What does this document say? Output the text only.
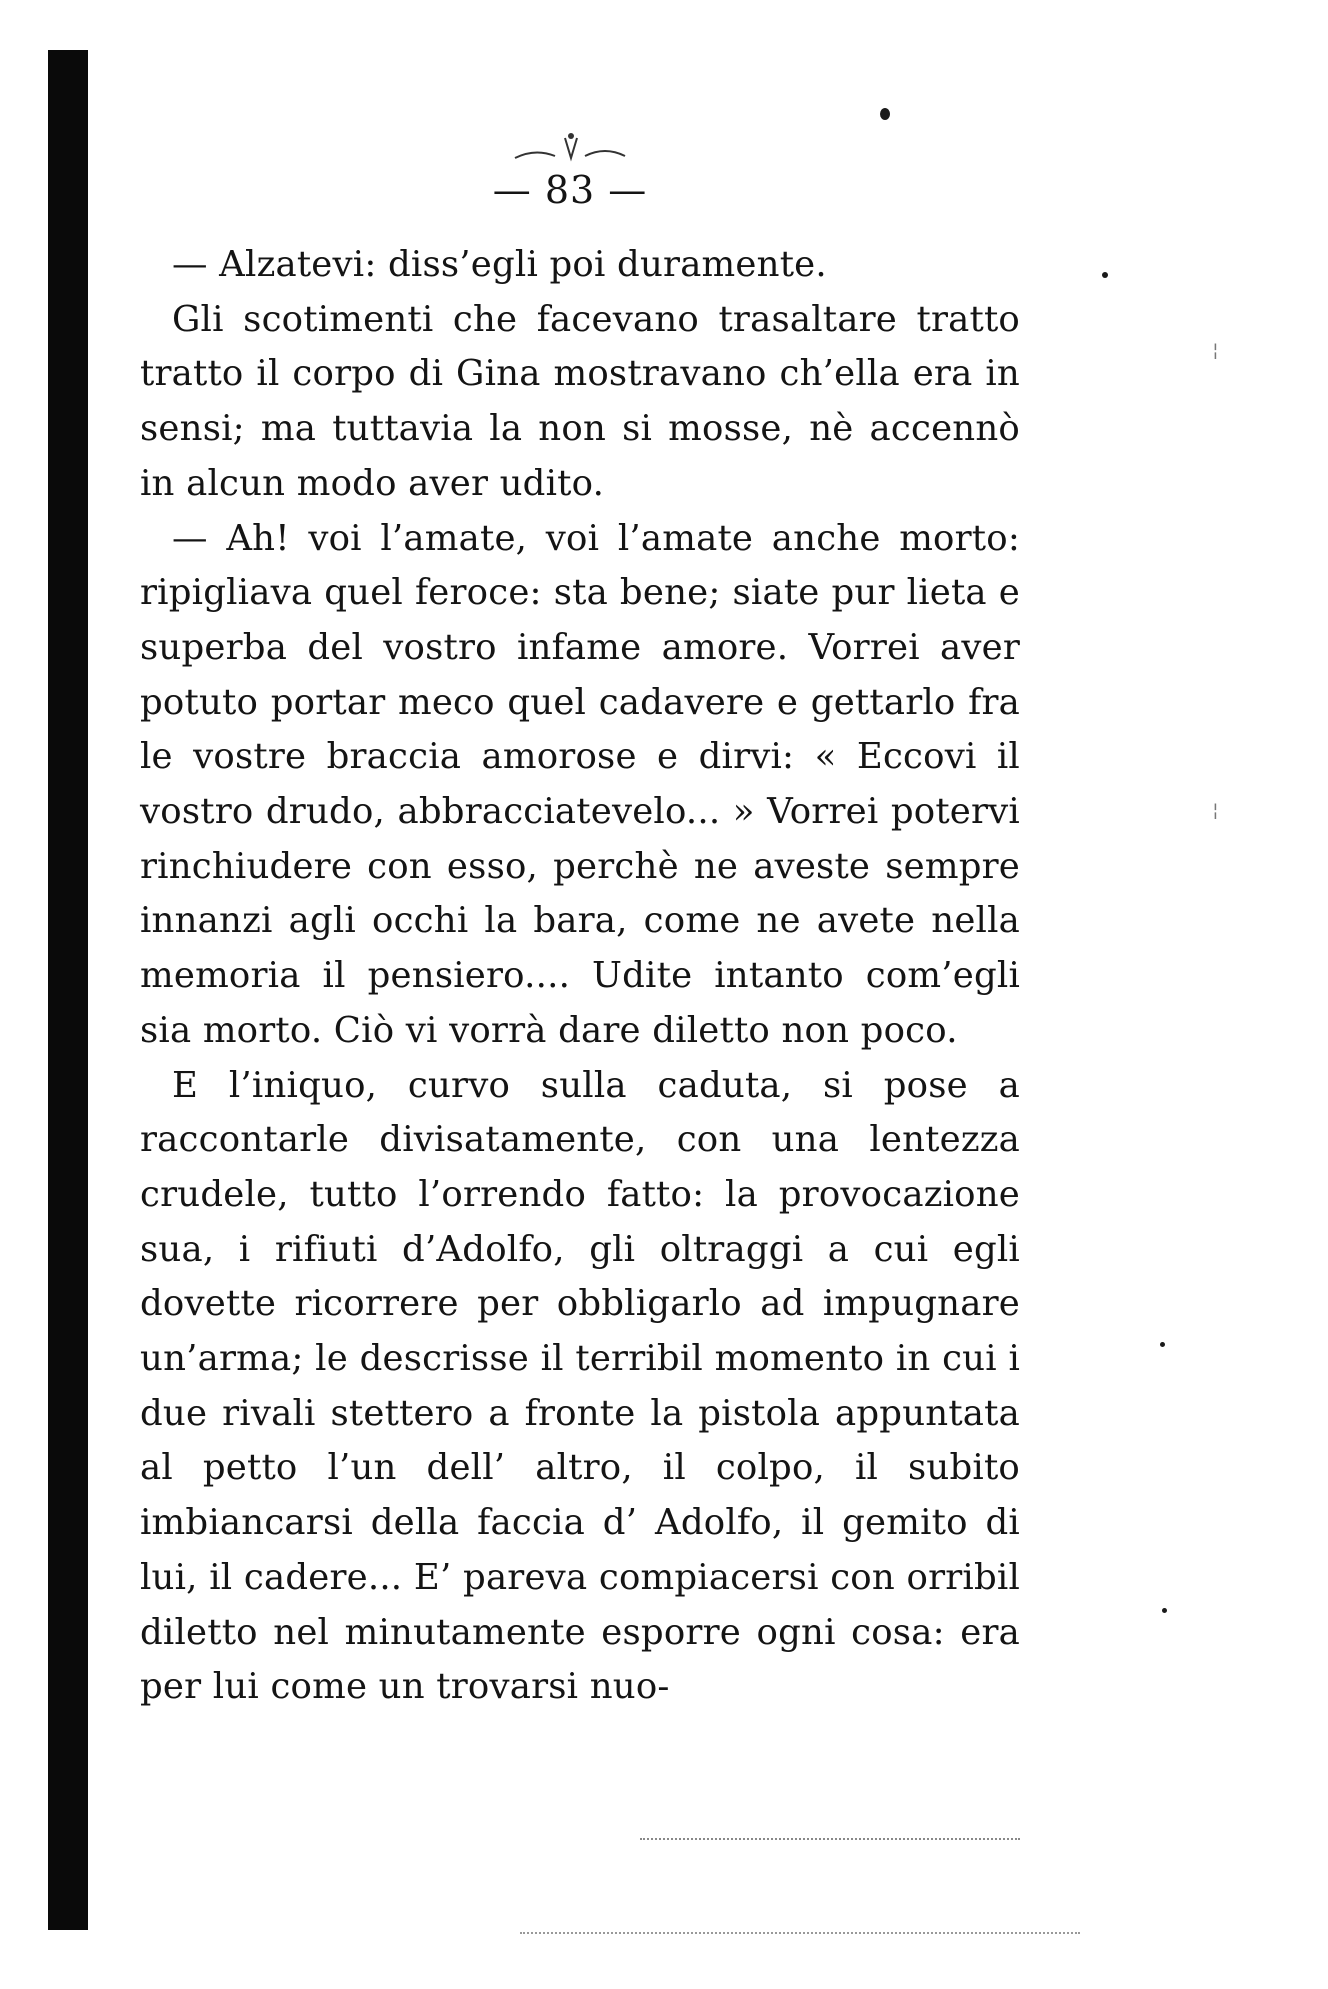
— 83 —

— Alzatevi: diss’egli poi duramente.

Gli scotimenti che facevano trasaltare tratto tratto il corpo di Gina mostravano ch’ella era in sensi; ma tuttavia la non si mosse, nè accennò in alcun modo aver udito.

— Ah! voi l’amate, voi l’amate anche morto: ripigliava quel feroce: sta bene; siate pur lieta e superba del vostro infame amore. Vorrei aver potuto portar meco quel cadavere e gettarlo fra le vostre braccia amorose e dirvi: « Eccovi il vostro drudo, abbracciatevelo... » Vorrei potervi rinchiudere con esso, perchè ne aveste sempre innanzi agli occhi la bara, come ne avete nella memoria il pensiero.... Udite intanto com’egli sia morto. Ciò vi vorrà dare diletto non poco.

E l’iniquo, curvo sulla caduta, si pose a raccontarle divisatamente, con una lentezza crudele, tutto l’orrendo fatto: la provocazione sua, i rifiuti d’Adolfo, gli oltraggi a cui egli dovette ricorrere per obbligarlo ad impugnare un’arma; le descrisse il terribil momento in cui i due rivali stettero a fronte la pistola appuntata al petto l’un dell’ altro, il colpo, il subito imbiancarsi della faccia d’ Adolfo, il gemito di lui, il cadere... E’ pareva compiacersi con orribil diletto nel minutamente esporre ogni cosa: era per lui come un trovarsi nuo-

¦
¦
